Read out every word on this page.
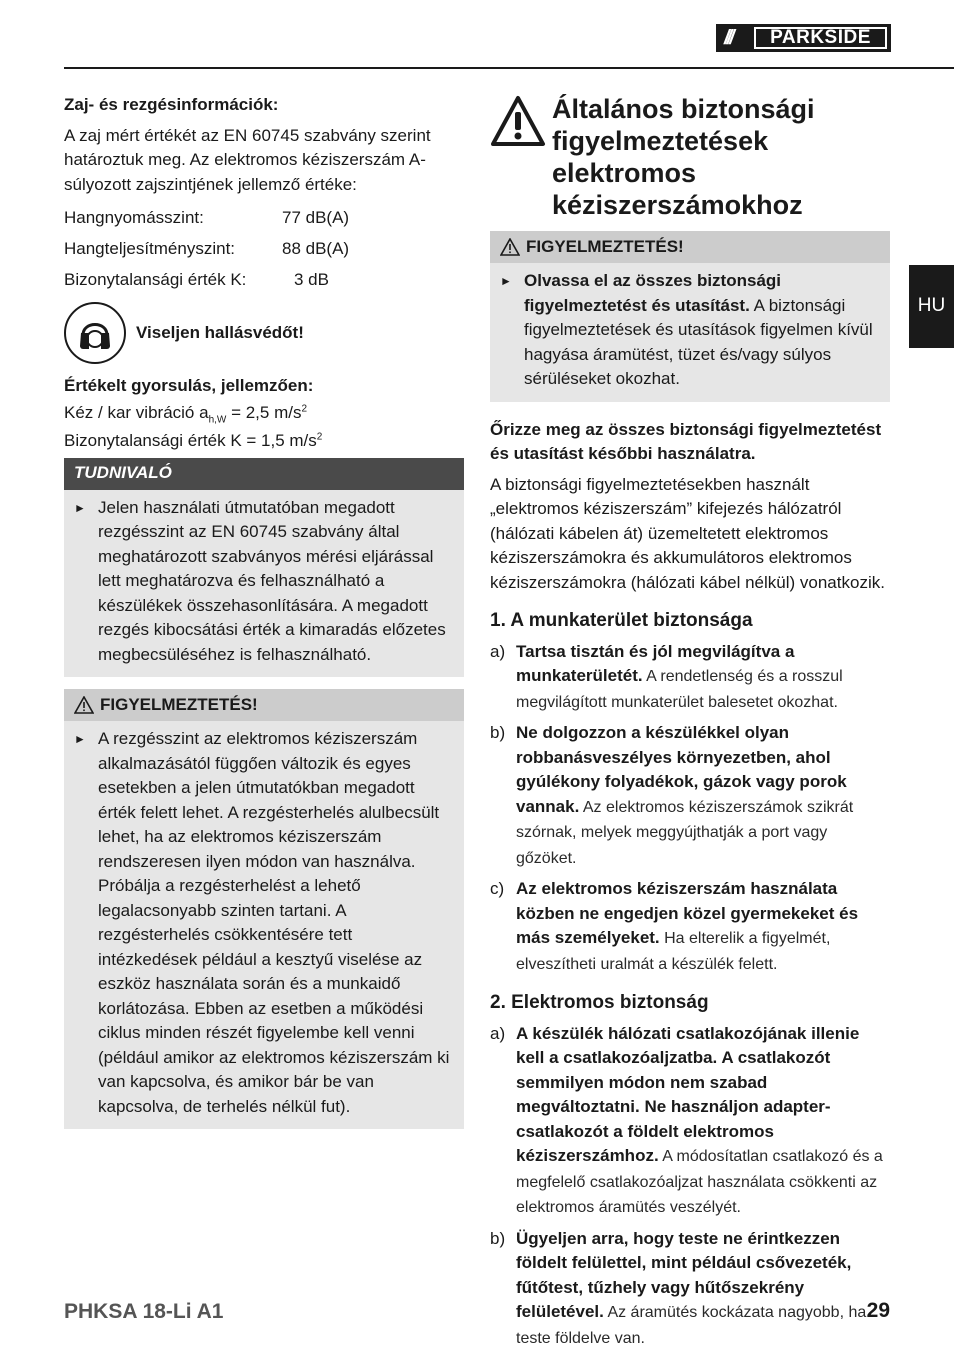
///	PARKSIDE
HU

Zaj- és rezgésinformációk:

A zaj mért értékét az EN 60745 szabvány szerint határoztuk meg. Az elektromos kéziszerszám A-súlyozott zajszintjének jellemző értéke:

Hangnyomásszint:	77 dB(A)
Hangteljesítményszint:	88 dB(A)
Bizonytalansági érték K:	3 dB
Viseljen hallásvédőt!

Értékelt gyorsulás, jellemzően:

Kéz / kar vibráció $a_{h,W} = 2,5$ $m/s^2$

Bizonytalansági érték K = 1,5 $m/s^2$

TUDNIVALÓ
► Jelen használati útmutatóban megadott rezgésszint az EN 60745 szabvány által meghatározott szabványos mérési eljárással lett meghatározva és felhasználható a készülékek összehasonlítására. A megadott rezgés kibocsátási érték a kimaradás előzetes megbecsüléséhez is felhasználható.
FIGYELMEZTETÉS!
► A rezgésszint az elektromos kéziszerszám alkalmazásától függően változik és egyes esetekben a jelen útmutatókban megadott érték felett lehet. A rezgésterhelés alulbecsült lehet, ha az elektromos kéziszerszám rendszeresen ilyen módon van használva. Próbálja a rezgésterhelést a lehető legalacsonyabb szinten tartani. A rezgésterhelés csökkentésére tett intézkedések például a kesztyű viselése az eszköz használata során és a munkaidő korlátozása. Ebben az esetben a működési ciklus minden részét figyelembe kell venni (például amikor az elektromos kéziszerszám ki van kapcsolva, és amikor bár be van kapcsolva, de terhelés nélkül fut).
Általános biztonsági figyelmeztetések elektromos kéziszerszámokhoz
FIGYELMEZTETÉS!
► Olvassa el az összes biztonsági figyelmeztetést és utasítást. A biztonsági figyelmeztetések és utasítások figyelmen kívül hagyása áramütést, tüzet és/vagy súlyos sérüléseket okozhat.

Őrizze meg az összes biztonsági figyelmeztetést és utasítást későbbi használatra.

A biztonsági figyelmeztetésekben használt „elektromos kéziszerszám” kifejezés hálózatról (hálózati kábelen át) üzemeltetett elektromos kéziszerszámokra és akkumulátoros elektromos kéziszerszámokra (hálózati kábel nélkül) vonatkozik.

1. A munkaterület biztonsága
a) Tartsa tisztán és jól megvilágítva a munkaterületét. A rendetlenség és a rosszul megvilágított munkaterület balesetet okozhat.
b) Ne dolgozzon a készülékkel olyan robbanásveszélyes környezetben, ahol gyúlékony folyadékok, gázok vagy porok vannak. Az elektromos kéziszerszámok szikrát szórnak, melyek meggyújthatják a port vagy gőzöket.
c) Az elektromos kéziszerszám használata közben ne engedjen közel gyermekeket és más személyeket. Ha elterelik a figyelmét, elveszítheti uralmát a készülék felett.
2. Elektromos biztonság
a) A készülék hálózati csatlakozójának illenie kell a csatlakozóaljzatba. A csatlakozót semmilyen módon nem szabad megváltoztatni. Ne használjon adapter-csatlakozót a földelt elektromos kéziszerszámhoz. A módosítatlan csatlakozó és a megfelelő csatlakozóaljzat használata csökkenti az elektromos áramütés veszélyét.
b) Ügyeljen arra, hogy teste ne érintkezzen földelt felülettel, mint például csővezeték, fűtőtest, tűzhely vagy hűtőszekrény felületével. Az áramütés kockázata nagyobb, ha teste földelve van.
PHKSA 18-Li A1	29
